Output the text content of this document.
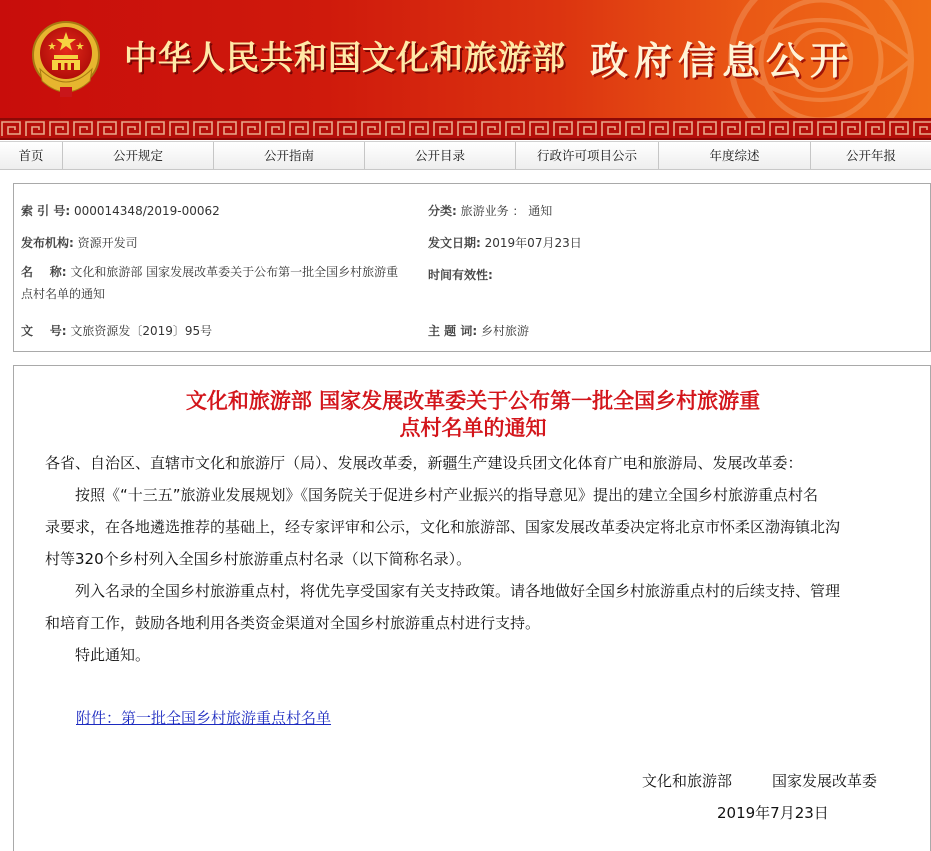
中华人民共和国文化和旅游部 政府信息公开
首页	公开规定	公开指南	公开目录	行政许可项目公示	年度综述	公开年报
索 引 号: 000014348/2019-00062	分类: 旅游业务 ： 通知
发布机构: 资源开发司	发文日期: 2019年07月23日
名    称: 文化和旅游部 国家发展改革委关于公布第一批全国乡村旅游重
点村名单的通知
时间有效性:
文    号: 文旅资源发〔2019〕95号	主 题 词: 乡村旅游
文化和旅游部 国家发展改革委关于公布第一批全国乡村旅游重
点村名单的通知
各省、自治区、直辖市文化和旅游厅（局）、发展改革委，新疆生产建设兵团文化体育广电和旅游局、发展改革委：
按照《“十三五”旅游业发展规划》《国务院关于促进乡村产业振兴的指导意见》提出的建立全国乡村旅游重点村名
录要求，在各地遴选推荐的基础上，经专家评审和公示，文化和旅游部、国家发展改革委决定将北京市怀柔区渤海镇北沟
村等320个乡村列入全国乡村旅游重点村名录（以下简称名录）。
列入名录的全国乡村旅游重点村，将优先享受国家有关支持政策。请各地做好全国乡村旅游重点村的后续支持、管理
和培育工作，鼓励各地利用各类资金渠道对全国乡村旅游重点村进行支持。
特此通知。
附件：第一批全国乡村旅游重点村名单
文化和旅游部	国家发展改革委
2019年7月23日
